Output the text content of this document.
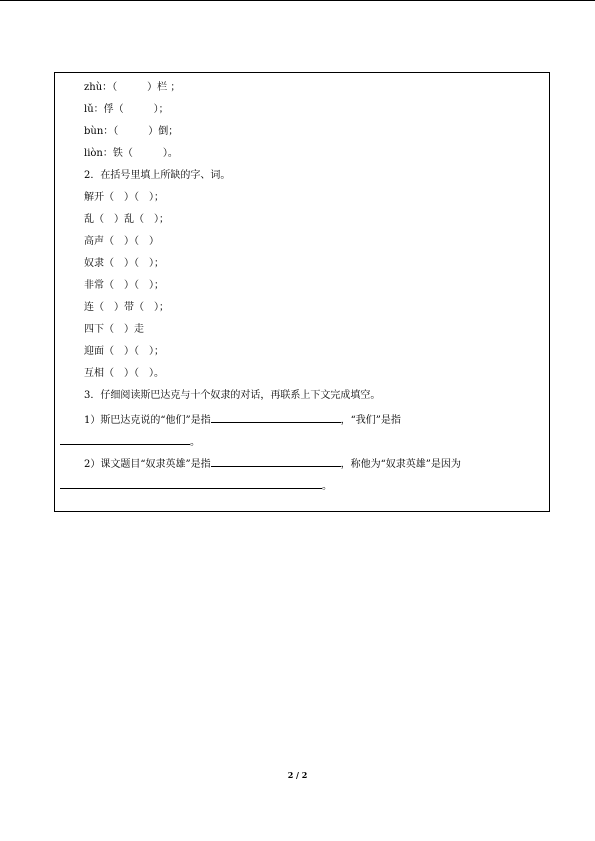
zhù：（　　　）栏 ；
lǔ：俘（　　　）；
bùn：（　　　）倒；
liòn：铁（　　　）。
2．在括号里填上所缺的字、词。
解开（　）（　）；
乱（　）乱（　）；
高声（　）（　）
奴隶（　）（　）；
非常（　）（　）；
连（　）带（　）；
四下（　）走
迎面（　）（　）；
互相（　）（　）。
3．仔细阅读斯巴达克与十个奴隶的对话，再联系上下文完成填空。
1）斯巴达克说的“他们”是指	，“我们”是指
。
2）课文题目“奴隶英雄”是指	，称他为“奴隶英雄”是因为
。
2 / 2
